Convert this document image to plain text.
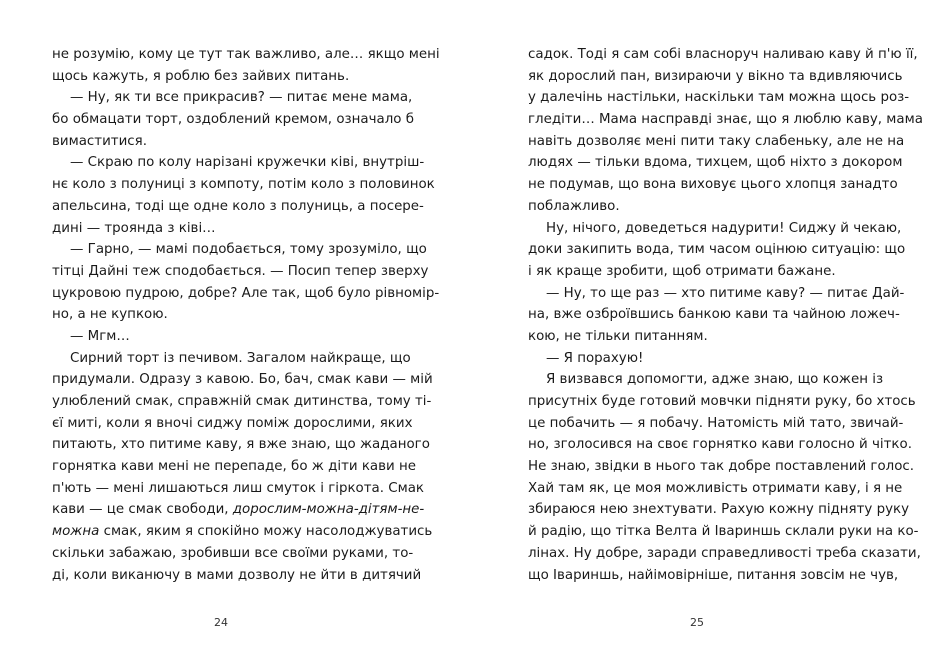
не розумію, кому це тут так важливо, але… якщо мені
щось кажуть, я роблю без зайвих питань.
— Ну, як ти все прикрасив? — питає мене мама,
бо обмацати торт, оздоблений кремом, означало б
вимаститися.
— Скраю по колу нарізані кружечки ківі, внутріш-
нє коло з полуниці з компоту, потім коло з половинок
апельсина, тоді ще одне коло з полуниць, а посере-
дині — троянда з ківі…
— Гарно, — мамі подобається, тому зрозуміло, що
тітці Дайні теж сподобається. — Посип тепер зверху
цукровою пудрою, добре? Але так, щоб було рівномір-
но, а не купкою.
— Мгм…
Сирний торт із печивом. Загалом найкраще, що
придумали. Одразу з кавою. Бо, бач, смак кави — мій
улюблений смак, справжній смак дитинства, тому ті-
єї миті, коли я вночі сиджу поміж дорослими, яких
питають, хто питиме каву, я вже знаю, що жаданого
горнятка кави мені не перепаде, бо ж діти кави не
п'ють — мені лишаються лиш смуток і гіркота. Смак
кави — це смак свободи, дорослим-можна-дітям-не-
можна смак, яким я спокійно можу насолоджуватись
скільки забажаю, зробивши все своїми руками, то-
ді, коли виканючу в мами дозволу не йти в дитячий
24
садок. Тоді я сам собі власноруч наливаю каву й п'ю її,
як дорослий пан, визираючи у вікно та вдивляючись
у далечінь настільки, наскільки там можна щось роз-
гледіти… Мама насправді знає, що я люблю каву, мама
навіть дозволяє мені пити таку слабеньку, але не на
людях — тільки вдома, тихцем, щоб ніхто з докором
не подумав, що вона виховує цього хлопця занадто
поблажливо.
Ну, нічого, доведеться надурити! Сиджу й чекаю,
доки закипить вода, тим часом оцінюю ситуацію: що
і як краще зробити, щоб отримати бажане.
— Ну, то ще раз — хто питиме каву? — питає Дай-
на, вже озброївшись банкою кави та чайною ложеч-
кою, не тільки питанням.
— Я порахую!
Я визвався допомогти, адже знаю, що кожен із
присутніх буде готовий мовчки підняти руку, бо хтось
це побачить — я побачу. Натомість мій тато, звичай-
но, зголосився на своє горнятко кави голосно й чітко.
Не знаю, звідки в нього так добре поставлений голос.
Хай там як, це моя можливість отримати каву, і я не
збираюся нею знехтувати. Рахую кожну підняту руку
й радію, що тітка Велта й Івариншь склали руки на ко-
лінах. Ну добре, заради справедливості треба сказати,
що Івариншь, найімовірніше, питання зовсім не чув,
25
